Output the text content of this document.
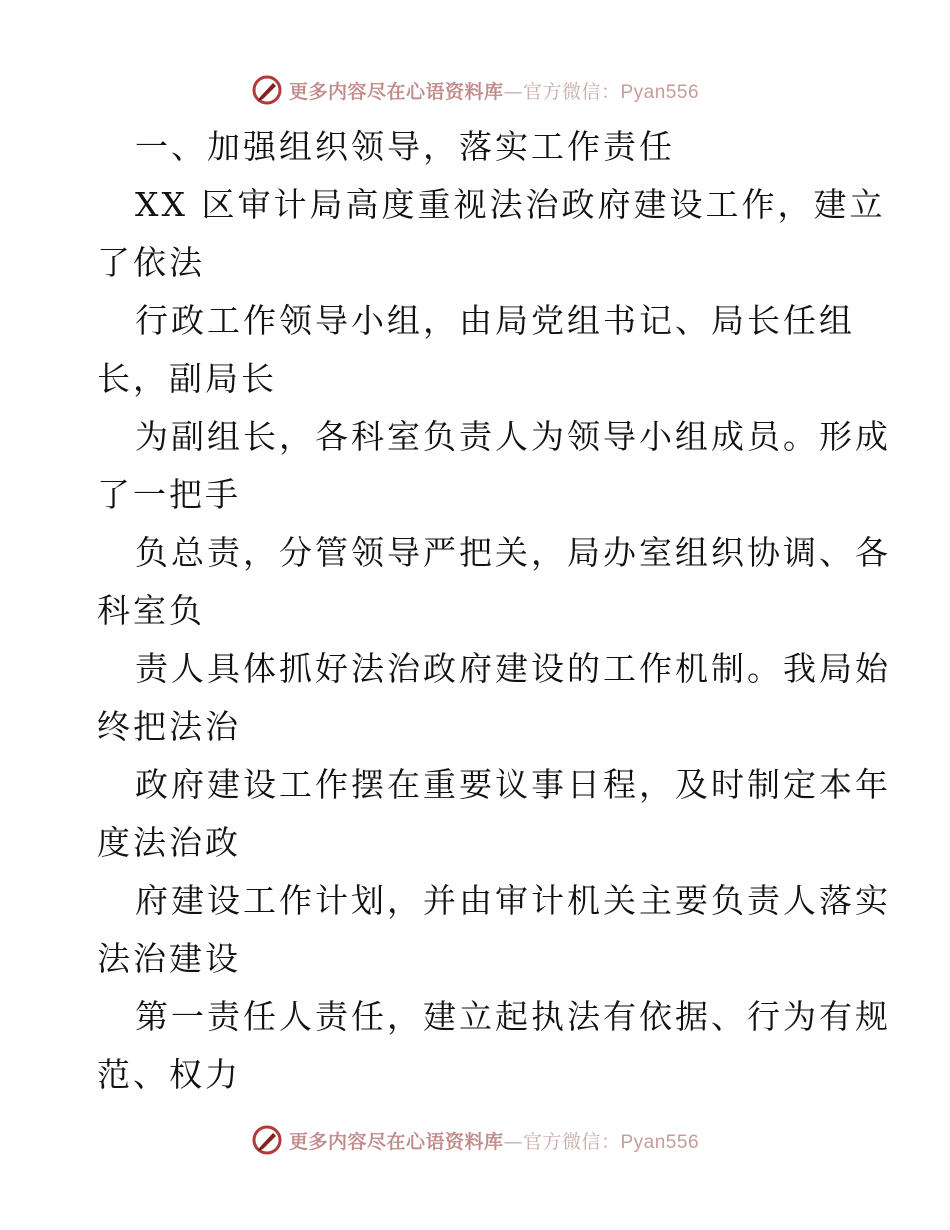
更多内容尽在心语资料库—官方微信：Pyan556
一、加强组织领导，落实工作责任
XX 区审计局高度重视法治政府建设工作，建立
了依法
行政工作领导小组，由局党组书记、局长任组
长，副局长
为副组长，各科室负责人为领导小组成员。形成
了一把手
负总责，分管领导严把关，局办室组织协调、各
科室负
责人具体抓好法治政府建设的工作机制。我局始
终把法治
政府建设工作摆在重要议事日程，及时制定本年
度法治政
府建设工作计划，并由审计机关主要负责人落实
法治建设
第一责任人责任，建立起执法有依据、行为有规
范、权力
更多内容尽在心语资料库—官方微信：Pyan556
